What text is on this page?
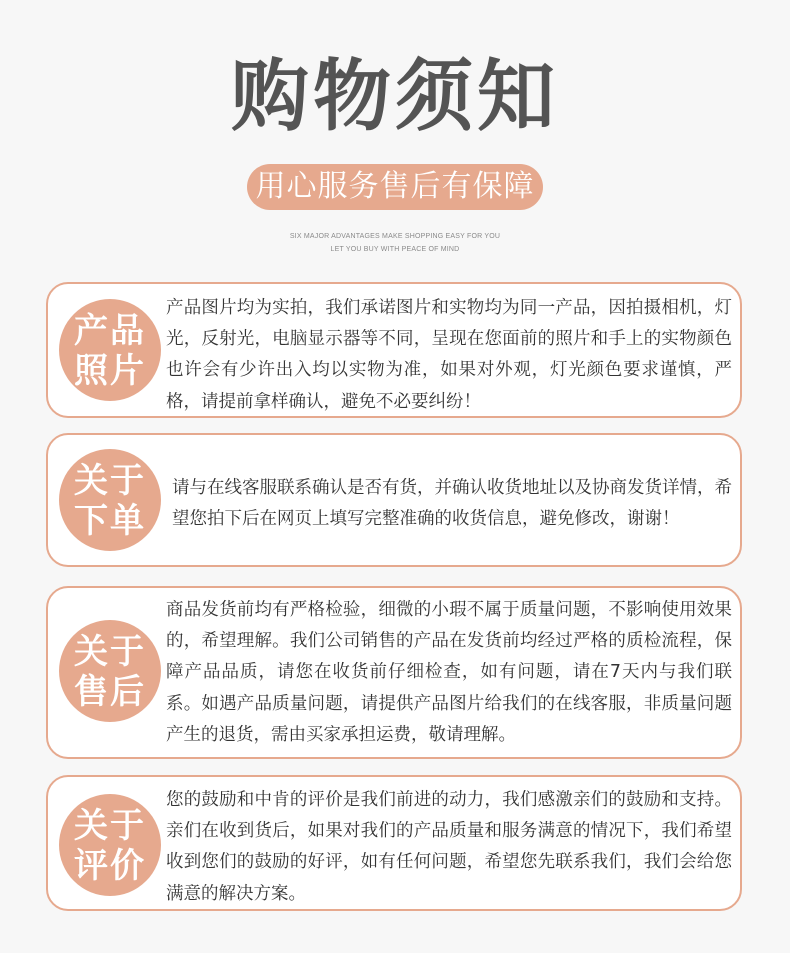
购物须知
用心服务售后有保障
SIX MAJOR ADVANTAGES MAKE SHOPPING EASY FOR YOU
LET YOU BUY WITH PEACE OF MIND
产品照片
产品图片均为实拍，我们承诺图片和实物均为同一产品，因拍摄相机，灯光，反射光，电脑显示器等不同，呈现在您面前的照片和手上的实物颜色也许会有少许出入均以实物为准，如果对外观，灯光颜色要求谨慎，严格，请提前拿样确认，避免不必要纠纷！
关于下单
请与在线客服联系确认是否有货，并确认收货地址以及协商发货详情，希望您拍下后在网页上填写完整准确的收货信息，避免修改，谢谢！
关于售后
商品发货前均有严格检验，细微的小瑕不属于质量问题，不影响使用效果的，希望理解。我们公司销售的产品在发货前均经过严格的质检流程，保障产品品质，请您在收货前仔细检查，如有问题，请在7天内与我们联系。如遇产品质量问题，请提供产品图片给我们的在线客服，非质量问题产生的退货，需由买家承担运费，敬请理解。
关于评价
您的鼓励和中肯的评价是我们前进的动力，我们感激亲们的鼓励和支持。亲们在收到货后，如果对我们的产品质量和服务满意的情况下，我们希望收到您们的鼓励的好评，如有任何问题，希望您先联系我们，我们会给您满意的解决方案。
